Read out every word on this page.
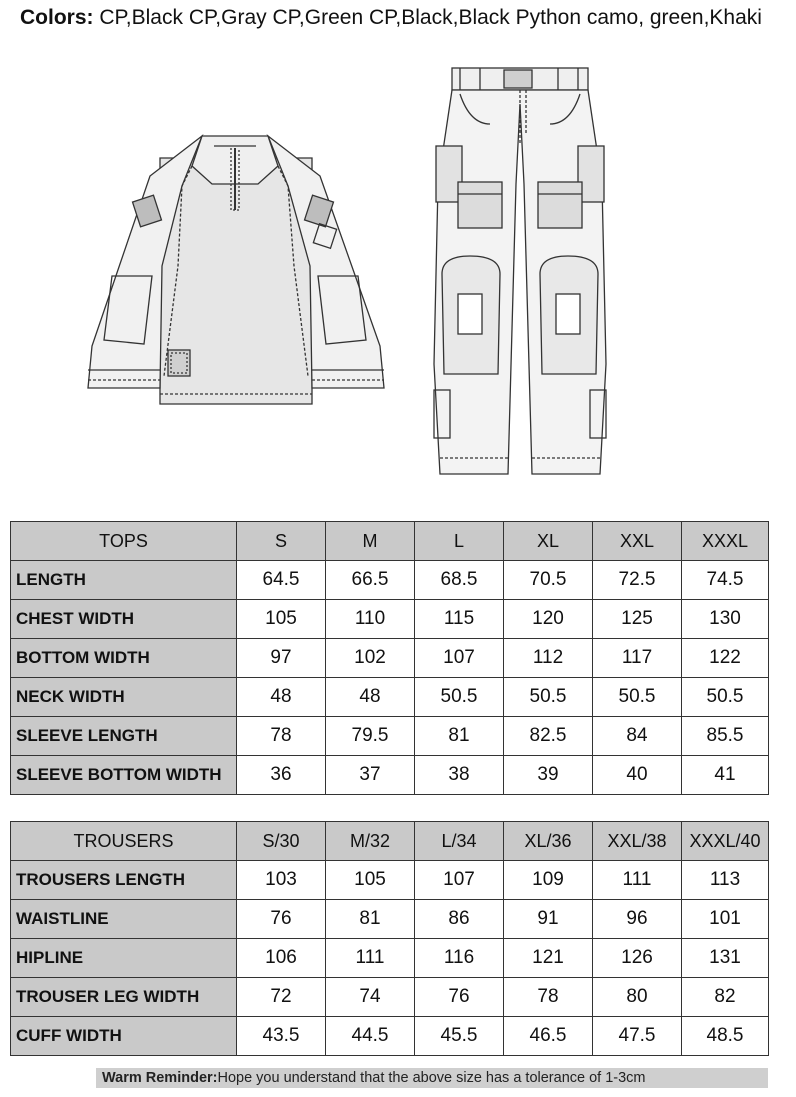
Colors: CP,Black CP,Gray CP,Green CP,Black,Black Python camo, green,Khaki
TOPS	S	M	L	XL	XXL	XXXL
LENGTH	64.5	66.5	68.5	70.5	72.5	74.5
CHEST WIDTH	105	110	115	120	125	130
BOTTOM WIDTH	97	102	107	112	117	122
NECK WIDTH	48	48	50.5	50.5	50.5	50.5
SLEEVE LENGTH	78	79.5	81	82.5	84	85.5
SLEEVE BOTTOM WIDTH	36	37	38	39	40	41
TROUSERS	S/30	M/32	L/34	XL/36	XXL/38	XXXL/40
TROUSERS LENGTH	103	105	107	109	111	113
WAISTLINE	76	81	86	91	96	101
HIPLINE	106	111	116	121	126	131
TROUSER LEG WIDTH	72	74	76	78	80	82
CUFF WIDTH	43.5	44.5	45.5	46.5	47.5	48.5
Warm Reminder:Hope you understand that the above size has a tolerance of 1-3cm
